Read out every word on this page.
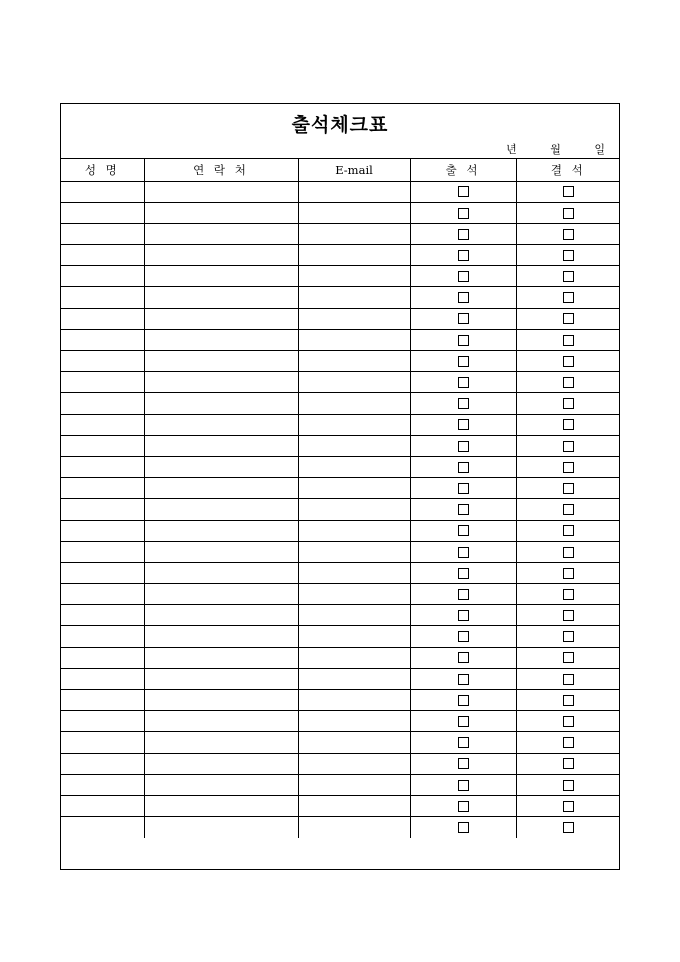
출석체크표
년	월	일
성 명	연 락 처	E-mail	출 석	결 석
